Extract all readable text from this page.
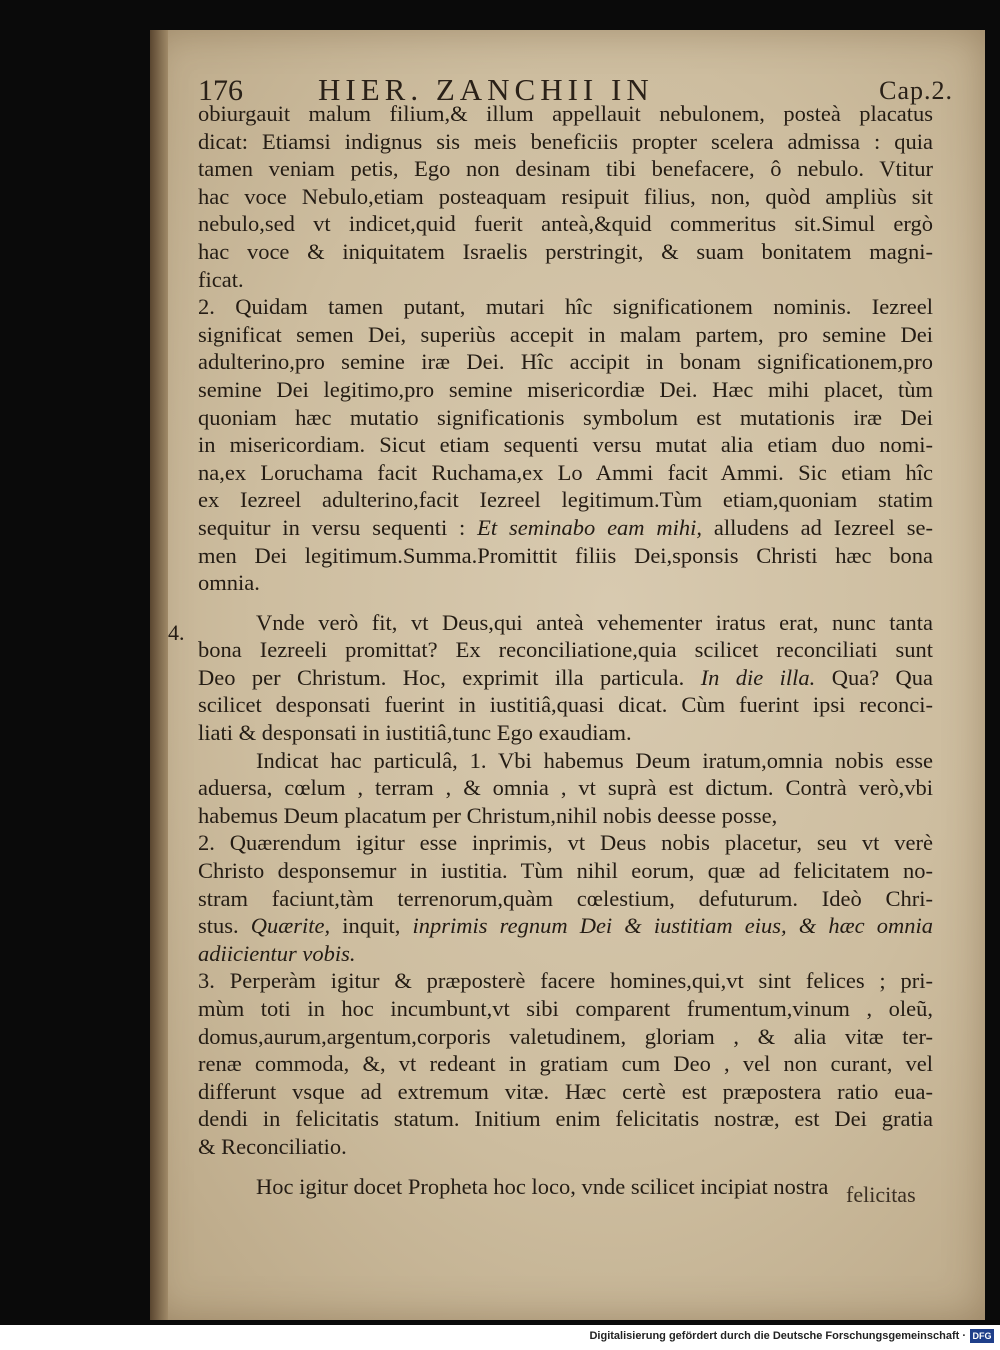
176 HIER. ZANCHII IN	Cap.2.
4.

obiurgauit malum filium,& illum appellauit nebulonem, posteà placatus

dicat: Etiamsi indignus sis meis beneficiis propter scelera admissa : quia

tamen veniam petis, Ego non desinam tibi benefacere, ô nebulo. Vtitur

hac voce Nebulo,etiam posteaquam resipuit filius, non, quòd ampliùs sit

nebulo,sed vt indicet,quid fuerit anteà,&quid commeritus sit.Simul ergò

hac voce & iniquitatem Israelis perstringit, & suam bonitatem magni-

ficat.

2. Quidam tamen putant, mutari hîc significationem nominis. Iezreel

significat semen Dei, superiùs accepit in malam partem, pro semine Dei

adulterino,pro semine iræ Dei. Hîc accipit in bonam significationem,pro

semine Dei legitimo,pro semine misericordiæ Dei. Hæc mihi placet, tùm

quoniam hæc mutatio significationis symbolum est mutationis iræ Dei

in misericordiam. Sicut etiam sequenti versu mutat alia etiam duo nomi-

na,ex Loruchama facit Ruchama,ex Lo Ammi facit Ammi. Sic etiam hîc

ex Iezreel adulterino,facit Iezreel legitimum.Tùm etiam,quoniam statim

sequitur in versu sequenti : Et seminabo eam mihi, alludens ad Iezreel se-

men Dei legitimum.Summa.Promittit filiis Dei,sponsis Christi hæc bona

omnia.

Vnde verò fit, vt Deus,qui anteà vehementer iratus erat, nunc tanta

bona Iezreeli promittat? Ex reconciliatione,quia scilicet reconciliati sunt

Deo per Christum. Hoc, exprimit illa particula. In die illa. Qua? Qua

scilicet desponsati fuerint in iustitiâ,quasi dicat. Cùm fuerint ipsi reconci-

liati & desponsati in iustitiâ,tunc Ego exaudiam.

Indicat hac particulâ, 1. Vbi habemus Deum iratum,omnia nobis esse

aduersa, cœlum , terram , & omnia , vt suprà est dictum. Contrà verò,vbi

habemus Deum placatum per Christum,nihil nobis deesse posse,

2. Quærendum igitur esse inprimis, vt Deus nobis placetur, seu vt verè

Christo desponsemur in iustitia. Tùm nihil eorum, quæ ad felicitatem no-

stram faciunt,tàm terrenorum,quàm cœlestium, defuturum. Ideò Chri-

stus. Quærite, inquit, inprimis regnum Dei & iustitiam eius, & hæc omnia

adiicientur vobis.

3. Perperàm igitur & præposterè facere homines,qui,vt sint felices ; pri-

mùm toti in hoc incumbunt,vt sibi comparent frumentum,vinum , oleũ,

domus,aurum,argentum,corporis valetudinem, gloriam , & alia vitæ ter-

renæ commoda, &, vt redeant in gratiam cum Deo , vel non curant, vel

differunt vsque ad extremum vitæ. Hæc certè est præpostera ratio eua-

dendi in felicitatis statum. Initium enim felicitatis nostræ, est Dei gratia

& Reconciliatio.

Hoc igitur docet Propheta hoc loco, vnde scilicet incipiat nostra felicitas
Digitalisierung gefördert durch die Deutsche Forschungsgemeinschaft · DFG
